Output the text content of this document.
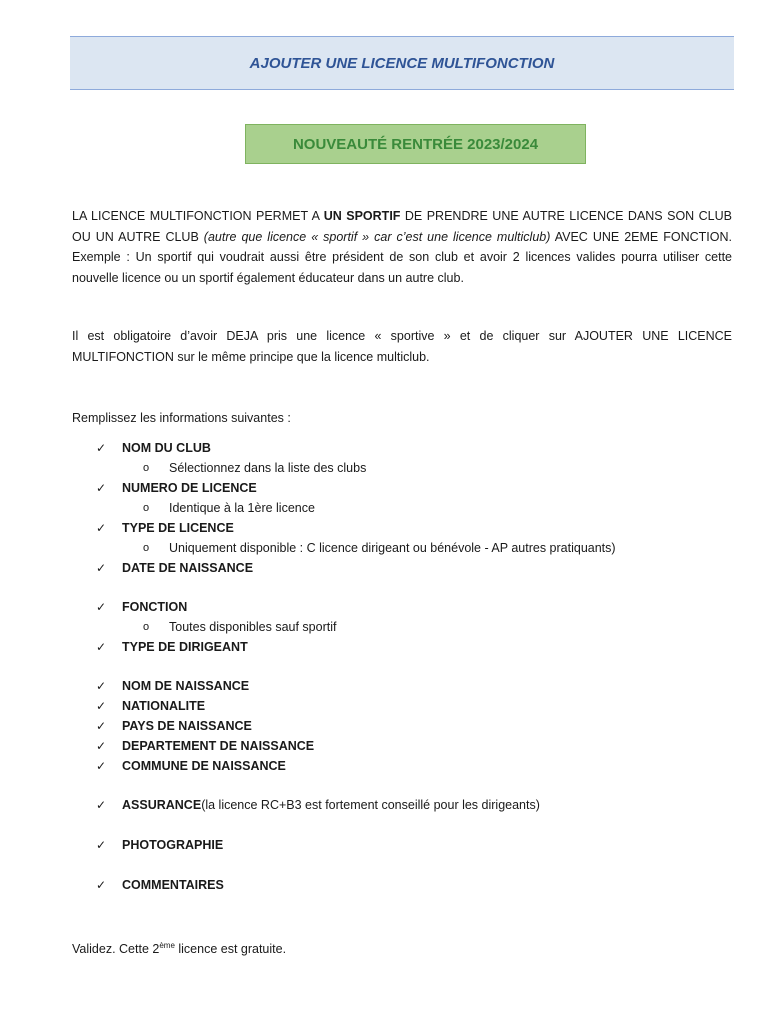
AJOUTER UNE LICENCE MULTIFONCTION
NOUVEAUTÉ RENTRÉE 2023/2024

LA LICENCE MULTIFONCTION PERMET A UN SPORTIF DE PRENDRE UNE AUTRE LICENCE DANS SON CLUB OU UN AUTRE CLUB (autre que licence « sportif » car c’est une licence multiclub) AVEC UNE 2EME FONCTION. Exemple : Un sportif qui voudrait aussi être président de son club et avoir 2 licences valides pourra utiliser cette nouvelle licence ou un sportif également éducateur dans un autre club.

Il est obligatoire d’avoir DEJA pris une licence « sportive » et de cliquer sur AJOUTER UNE LICENCE MULTIFONCTION sur le même principe que la licence multiclub.

Remplissez les informations suivantes :

✓	NOM DU CLUB
o	Sélectionnez dans la liste des clubs
✓	NUMERO DE LICENCE
o	Identique à la 1ère licence
✓	TYPE DE LICENCE
o	Uniquement disponible : C licence dirigeant ou bénévole - AP autres pratiquants)
✓	DATE DE NAISSANCE
✓	FONCTION
o	Toutes disponibles sauf sportif
✓	TYPE DE DIRIGEANT
✓	NOM DE NAISSANCE
✓	NATIONALITE
✓	PAYS DE NAISSANCE
✓	DEPARTEMENT DE NAISSANCE
✓	COMMUNE DE NAISSANCE
✓	ASSURANCE (la licence RC+B3 est fortement conseillé pour les dirigeants)
✓	PHOTOGRAPHIE
✓	COMMENTAIRES

Validez. Cette 2ème licence est gratuite.
